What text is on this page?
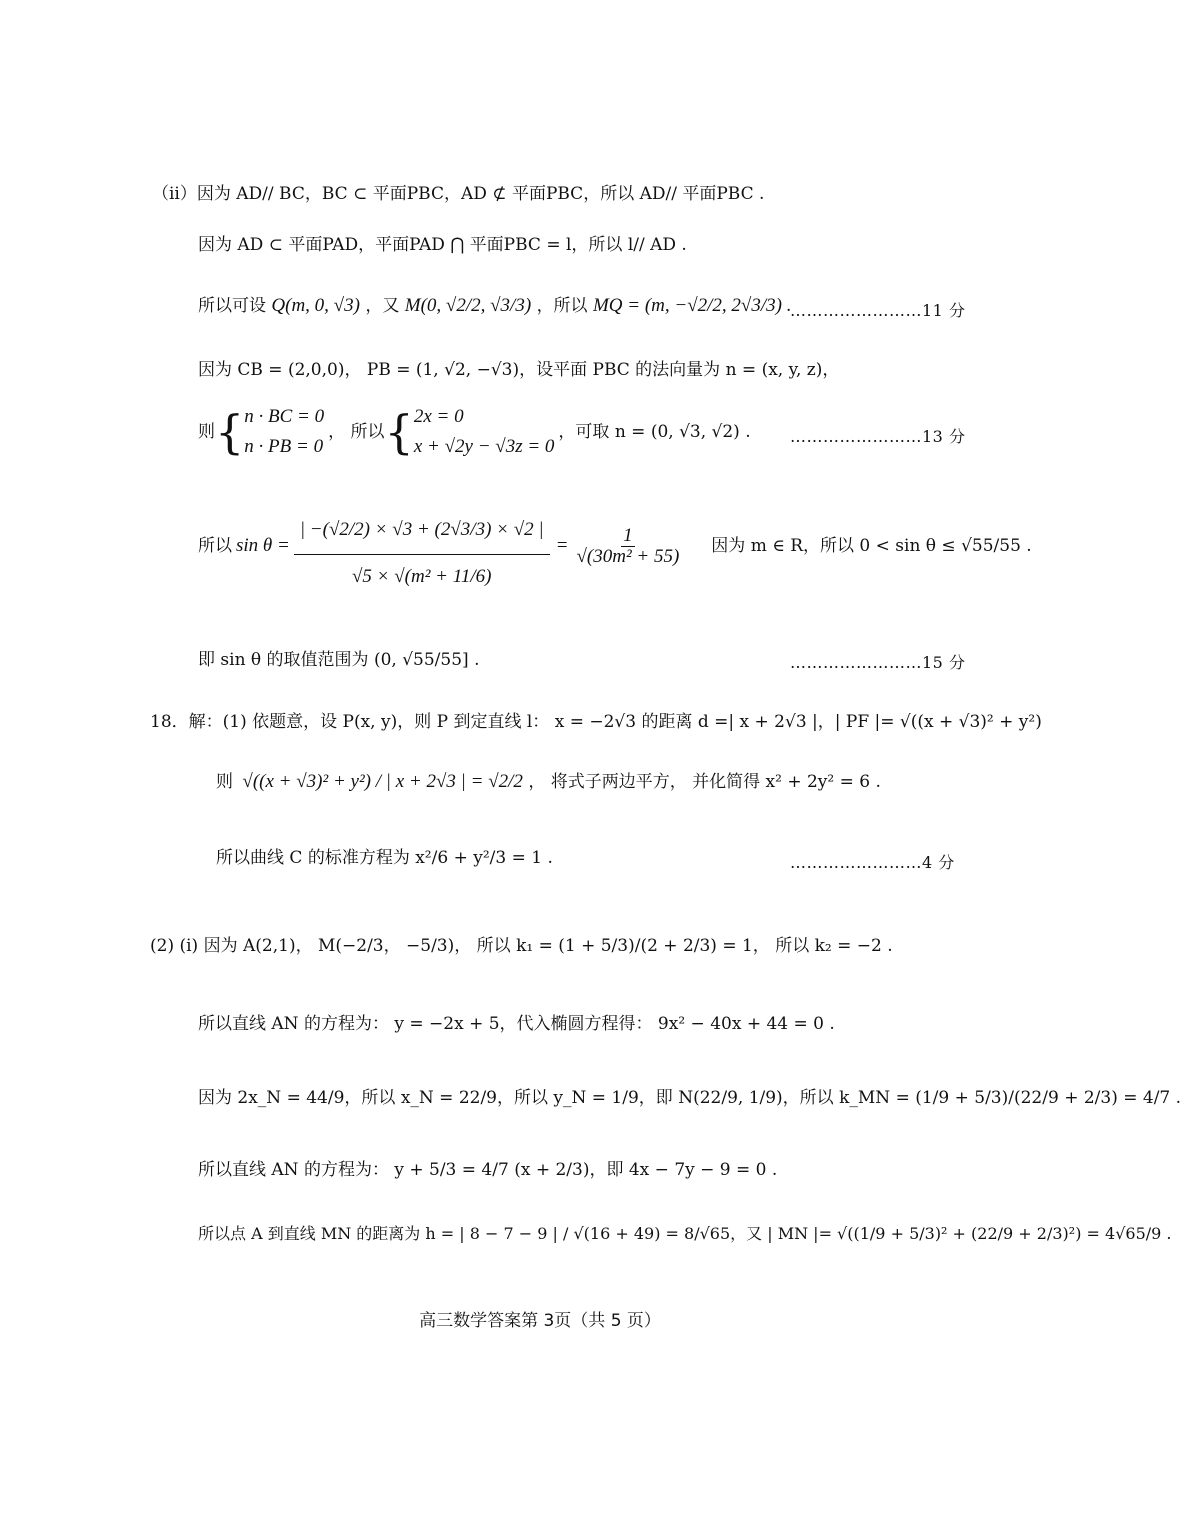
（ii）因为 AD// BC，BC ⊂ 平面PBC，AD ⊄ 平面PBC，所以 AD// 平面PBC .
因为 AD ⊂ 平面PAD，平面PAD ⋂ 平面PBC = l，所以 l// AD .
所以可设 Q(m, 0, √3) ，又 M(0, √2/2, √3/3) ，所以 MQ = (m, −√2/2, 2√3/3) .
……………………11 分
因为 CB = (2,0,0)， PB = (1, √2, −√3)，设平面 PBC 的法向量为 n = (x, y, z)，
则 { n · BC = 0
n · PB = 0
， 所以 { 2x = 0
x + √2y − √3z = 0
，可取 n = (0, √3, √2) . ……………………13 分
所以 $\sin \theta = \frac{| -(√2/2) \times √3 + (2√3/3) \times √2 |}{\text{√5 × √(m² + 11/6)}} = \frac{1}{\text{√(30m² + 55)}}$ 因为 m ∈ R，所以 0 < sin θ ≤ √55/55 .
即 sin θ 的取值范围为 (0, √55/55] .	……………………15 分
18．解：(1) 依题意，设 P(x, y)，则 P 到定直线 l： x = −2√3 的距离 d =| x + 2√3 |，| PF |= √((x + √3)² + y²)
则 √((x + √3)² + y²) / | x + 2√3 | = √2/2 ， 将式子两边平方， 并化简得 x² + 2y² = 6 .
所以曲线 C 的标准方程为 x²/6 + y²/3 = 1 .	……………………4 分
(2) (i) 因为 A(2,1)， M(−2/3， −5/3)， 所以 k₁ = (1 + 5/3)/(2 + 2/3) = 1， 所以 k₂ = −2 .
所以直线 AN 的方程为： y = −2x + 5，代入椭圆方程得： 9x² − 40x + 44 = 0 .
因为 2x_N = 44/9，所以 x_N = 22/9，所以 y_N = 1/9，即 N(22/9, 1/9)，所以 k_MN = (1/9 + 5/3)/(22/9 + 2/3) = 4/7 .
所以直线 AN 的方程为： y + 5/3 = 4/7 (x + 2/3)，即 4x − 7y − 9 = 0 .
所以点 A 到直线 MN 的距离为 h = | 8 − 7 − 9 | / √(16 + 49) = 8/√65，又 | MN |= √((1/9 + 5/3)² + (22/9 + 2/3)²) = 4√65/9 .
高三数学答案第 3页（共 5 页）
